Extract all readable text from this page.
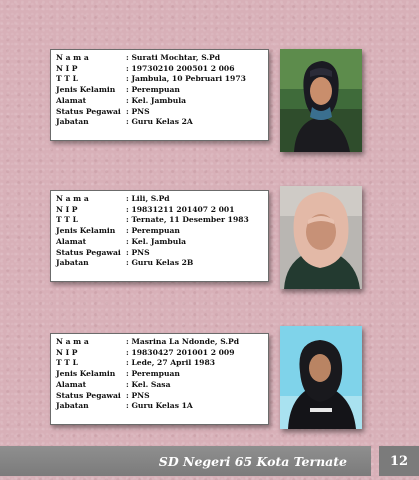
N a m a	: Surati Mochtar, S.Pd
N I P	: 19730210 200501 2 006
T T L	: Jambula, 10 Pebruari 1973
Jenis Kelamin	: Perempuan
Alamat	: Kel. Jambula
Status Pegawai : PNS
Jabatan	: Guru Kelas 2A
N a m a	: Lili, S.Pd
N I P	: 19831211 201407 2 001
T T L	: Ternate, 11 Desember 1983
Jenis Kelamin	: Perempuan
Alamat	: Kel. Jambula
Status Pegawai : PNS
Jabatan	: Guru Kelas 2B
N a m a	: Masrina La Ndonde, S.Pd
N I P	: 19830427 201001 2 009
T T L	: Lede, 27 April 1983
Jenis Kelamin	: Perempuan
Alamat	: Kel. Sasa
Status Pegawai : PNS
Jabatan	: Guru Kelas 1A
SD Negeri 65 Kota Ternate	12
